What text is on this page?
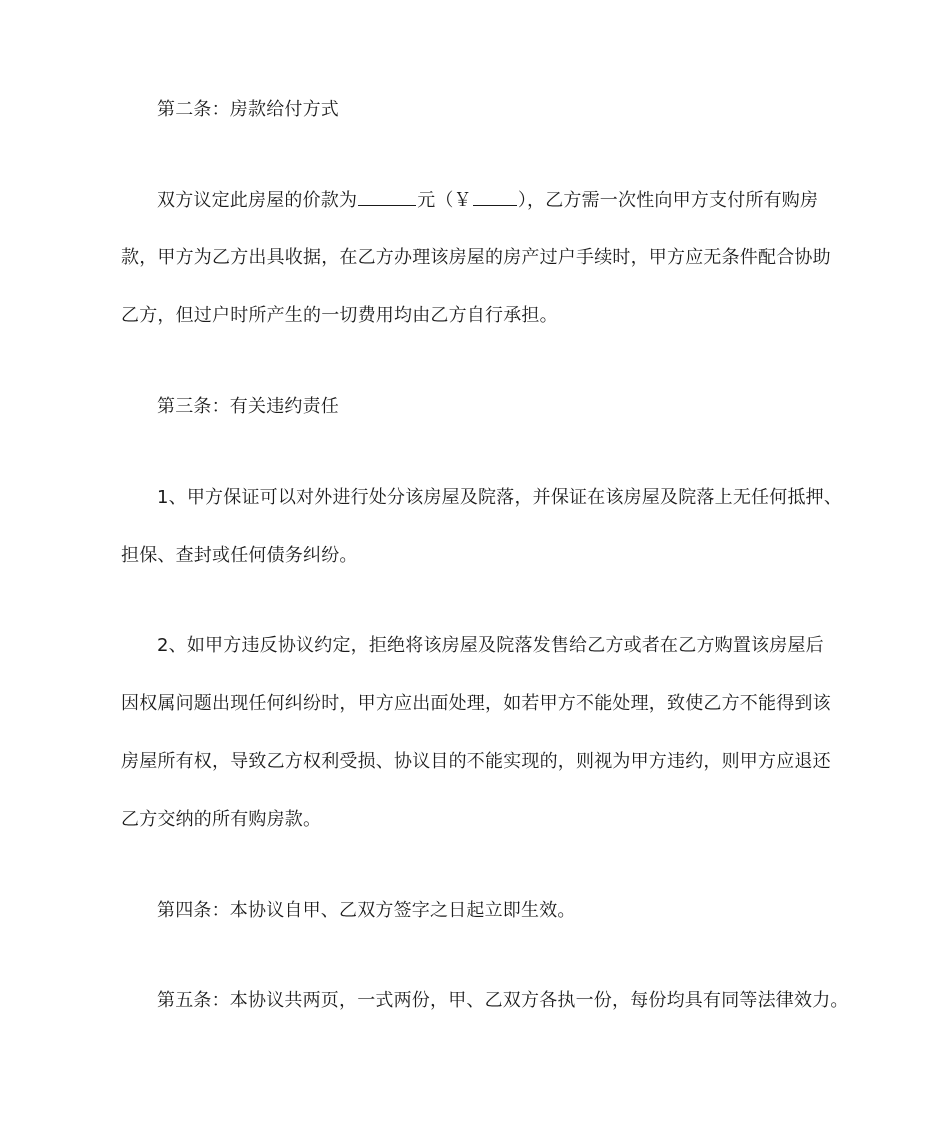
第二条：房款给付方式
双方议定此房屋的价款为	元（￥	），乙方需一次性向甲方支付所有购房
款，甲方为乙方出具收据，在乙方办理该房屋的房产过户手续时，甲方应无条件配合协助
乙方，但过户时所产生的一切费用均由乙方自行承担。
第三条：有关违约责任
1、甲方保证可以对外进行处分该房屋及院落，并保证在该房屋及院落上无任何抵押、
担保、查封或任何债务纠纷。
2、如甲方违反协议约定，拒绝将该房屋及院落发售给乙方或者在乙方购置该房屋后
因权属问题出现任何纠纷时，甲方应出面处理，如若甲方不能处理，致使乙方不能得到该
房屋所有权，导致乙方权利受损、协议目的不能实现的，则视为甲方违约，则甲方应退还
乙方交纳的所有购房款。
第四条：本协议自甲、乙双方签字之日起立即生效。
第五条：本协议共两页，一式两份，甲、乙双方各执一份，每份均具有同等法律效力。
